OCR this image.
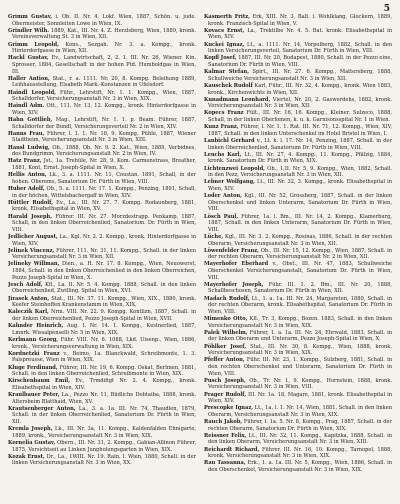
5

Grimm Gustav, i. Ob. II. Nr. 4. Lokf. Wien, 1887, Schön. u. jude. Obermeister, Sonnleiten Lowe in Wien, IX.

Grindler Wilh. 1889, Kat., III. Nr. 4. Z. Herzlsberg, Wien, 1889, kronk. Vereinsverwaltung St. 3 in Wien, XII.

Grimm Leopold, Kons., Sezgah. Nr. 3. a. Kompg., kronk. Hinterdorfgasse in Wien, XII.

Hackl Gustav, Ev., Landwirtschaft, 2, 2. 1. III. Nr. 26, Wiener. Kin. Sprosser, 1884, Gesellschaft in der hohen Ptd. Humboldgas in Wien, III.

Haller Antion, Stat., r. a. 1111. Nr. 20, 8. Kompg. Beleihung 1889, Leihhausstellung, Elsabeth Mark.-Konstanzen in Ufelsdorf.

Haindl Leopold, Führ., Lehrstift, Nr. 1. 1. Kompg., Wien, 1887, Schalldorfer, Versicherungsanstalt Nr. 3 in Wien, XIX.

Haindl Adm. Ott., 111. Nr. 13, 12. Kompg., kronk. Hinterdorfgasse in Wien, XIV.

Hahn Gottlieb, Mag., Lehrstift, Nr. 1. 1. p. Beam. Führer, 1887, Schalldorfer der Bundl, Versicherungsverteil Nr. 2 in Wien, XIV.

Hanns Frau, Führer, l. 1. 1. Nr. 18, 9. Kompg. Pühle, 1887, Wiener Stadtheim, Versicherungsanstalt Nr. 3 in Wien, XIII.

Hausl Ludwig, Ob., 1888, Ob. Nr. 9. 2. Kat., Wien, 1889, Verbidnes, des Bundgrimm, Versicherungsanstalt Nr. 2 in Wien, IV.

Hatz Franz, Jst., 1a. Trehüle, Nr. 28, 9. Kom. Carmenstrass, Breather, 1881, Kont, Ernst. Joseph-Spital in Wien, X.

Hellis Anton, Lk., 3. a. 1111. Nr. 11, Coustan. 1891, Schall, in der hohen. Oberems, Sanatorium Dr. Fürth in Wien, VIII.

Huber Adolf, Ob., 5. a. 1111. Nr. 17. 1. Kompg., Penzing, 1891, Schall, in der höchen, Wittelsbachergaff in Wien, XIV.

Hüttler Rudolf, Ev., La., III. Nr. 27. 7. Kompg. Rodaunberg, 1881, kronk, Elisabethspital in Wien, XV.

Harald Joseph, Führer. III. Nr. 27. Morzdestrapp. Penkamp, 1887, Schall, in den linken Oberreichenlied, Sanatorium. Dr. Fürth in Wien, VIII.

Jedlicher August, La., Kgl. Nr. 2. 2. Kompg., kronk. Hinterdorfgasse in Wien, XIV.

Jelinek Vincenz, Führer, 111. Nr. 31, 11. Kompg., Schall. in der linken Versicherungsanstalt Nr. 3 in Wien, XII.

Jelineky Willman, Dien., a. H. Nr. 17. 8. Kompg., Wien, Neuowerst, 1884, Schall. in den linken Oberreichenlied in den linken Oberreichen, Pezzo Joseph-Spital in Wien, X.

Jesch Adolf, Kfl., La. II. Nr. 5. 4. Kompg. 1888, Schall. in den linken Oberreichenlied, Zwilling. Spital in Wien, XVI.

Jirasek Anton, Stat., III. Nr. 37. 11. Kompg., Wien, XIX., 1880, kronk. Keefer Steinhoffen Krankenstamm in Wien, XIX.

Kaleczik Karl, Nrm. VIII. Nr. 22. 9. Kompg. Kontlizn, 1887, Schall. in der linken Oberreichenlied, Pezzo Joseph-Spital in Wien, XVII.

Kahnder Heinrich, Aug. I. Nr. 14. 1. Kompg., Kestnerlied, 1887, Lmnrk. Wissalpenselli Nr. 5 in Wien, XIX.

Kerlmann Georg, Führ. VIII. Nr. 6. 1088, Lkd. Uisenp., Wien, 1886, kronk., Versicherungsverwaltung in Wien, XIX.

Kordnetzki Franz v., Beimo, 1a. Blanckwald, Schreibmonte, 1. 3. Palspreusse, Wien in Wien, XIX.

Kluge Ferdinand, Führer, III. Nr. 19, 6. Kompg. Oskat, Berlmen, 1881, Schall. in den linken Oberreichenlied, Schreibmonte in Wien, XIX.

Kirschenbaum Emil, Ev., Trmdifigt Nr. 2. 4. Kompg., kronk. Elisabethspital in Wien, XIV.

Kraulbauer Peter, La., Pezzo Nr. 11, Büdliche Dobtaiba, 1888, kronk. Altersbeim Blatthaid, Wien, XV.

Krautsenberger Anton, La., 3. a. 1a. III. Nr. 74, Thaudlen, 1879, Schall. in der linken Oberreichenlied, Sanatorium Dr. Fürth in Wien, XII.

Kremla Joseph, Lk., III. Nr. 3a, 11. Kompg., Kaldenfalden Ehnigarte, 1889, kronk., Versicherungsanstalt Nr. 3 in Wien, XIX.

Kornelia Gustav, Obern., III. Nr. 31, 2. Kompg., Gabian-Allinon Führer, 1875, Versichtseit au Linken Jungholungsgarten in Wien, XIX.

Kozak Ernst, Dr., La., 1WIII. Nr. 19. Rain. I. Wien, 1880, Schall. in der linken Versicherungsanstalt Nr. 3 in Wien, XX.

Kasmerth Fritz, Erk, XIII. Nr. 3, Balt. i. Wohlklang, Glockern, 1889, kronk. Franzisch-Spital in Wien, V.

Kovacs Ernst, La., Trektilbe Nr. 4. 5. Bat. kronk. Elisabethspital in Wien, XIV.

Kuckei Ignaz, Lt., a. 1111. Nr. 14, Vorpolberg, 1882, Schall. in den linken Versicherungsverteil, Sanatorium Dr. Fürth in Wien, VIII.

Kopfl Josef, 1887, III. Nr. 20, Budapest, 1880, Schall. in der Pezzo eine, Sanatorium Dr. Fürth in Wien, VIII.

Kalmar Stefan, Spirt., III. Nr. 27. 6. Kompg., Mattersberg, 1888, Schullweiche Versicherungsanstalt Nr. 3 in Wien, XII.

Kauschek Rudolf Karl, Führ., III. Nr. 32, 4. Kompg., kronk. Wien 1883, kronk., Kirchenwichts in Wien, XII.

Kunadmann Leonhard, Viertel, Nr. 20, 2. Gaswerdehs, 1882, kronk. Versicherungsanstalt Nr. 3 in Wien, XII.

Kopecs Franz Fült., III. Nr. 16, 16. Kompg., Kleiner. Sulzeco, 1888, Schall, in der linken Oberlomen, k. u. k. Garnisonsspital Nr. 1 in Wien.

Kunz Franz, Führer, l. Nr. 1. 1. Rat. III. Nr. 71, 12. Kompg., Wien, XIV, 1887, Schall. in den linken Unterschenkel im Hotel Bristol in Wien, I.

Lanbichl Gerhard v., Lt. k. l. 17. Nr. 14, Penzing, 1887, Schall. in der linken Oberreichenlied, Sanatorium Dr. Fürth in Wien, VIII.

Leuchs Karl, Lt., III. Nr. 27, 4. Kompg., 11. Kompg., Pfälzig, 1884, kronk. Sanatorium Dr. Fürth in Wien, XIX.

Lichtenzwei Leopold, Ob., 1,II. Nr. 5, 9. Kompg., Wien, 1882, Schall. in den Pezz, Versicherungsanstalt Nr. 3 in Wien, XII.

Lebner Wolfgang, Lt., III. Nr. 32, 3. Kompg., kronk. Elisabethspital in Wien, XIV.

Loder Anton, Kgl., III. Nr. 52, Grossberg, 1887, Schall. in der linken Oberschenkel und linken Unterarm, Sanatorium Dr. Fürth in Wien, VIII.

Lösch Paul, Führer, 1a. l. Bm., III. Nr. 14, 2. Kompg., Klamerburg, 1887, Schall. in den linken Unterarm, Sanatorium Dr. Fürth in Wien, VIII.

Lüche, Kgl., III. Nr. 3. 2. Kompg., Rosinas, 1886, Schall. in der rechten Oberarm, Versicherungsanstalt Nr. 3 in Wien, XII.

Löwenfelder Franz, Ob., III. Nr. 15, 12. Kompg., Wien, 1887, Schall. in der rechten Oberarm, Versicherungsanstalt Nr. 2 in Wien, XII.

Mayerhofer Eberhard v., Obst., III. Nr. 47, 1883, Schullweiche Oberschenkel Versicherungsanstalt, Sanatorium Dr. Fürth in Wien, VIII.

Mayerhofer Joseph, Führ. III. 1. 2. Bm., III. Nr. 20, 1888, Schallbeschosen, Sanatorium Dr. Fürth in Wien, XII.

Madach Rudolf, Lt., 1. a. 1a. III. Nr. 24, Margareten, 1880, Schall. in der rechten Oberarm, kronk. Elisabethspital, Sanatorium Dr. Fürth in Wien, VIII.

Mimenko Otto, Kfl., Tr. 3, Kompg., Bozen. 1883, Schall. in den linken Versicherungsanstalt Nr. 3 in Wien, XIX.

Palek Wilhelm, Führer, 1. a. 1a. III. Nr. 24, Ehrwald, 1883, Schall. in der linken Oberarm und Unterarm, Pezzo Joseph-Spital in Wien, X.

Pöhlker Josef, Stat., III. Nr. 30, 8. Kompg., Wien, 1888, kronk. Versicherungsanstalt Nr. 3 in Wien, XIX.

Pfeffer Anton, Führ. III. Nr. 23, 1. Kompg., Sulzberg, 1881, Schall. in den rechten Oberschenkel und Unterarm, Sanatorium Dr. Fürth in Wien, VIII.

Pusch Joseph, Ob., Tr. Nr. 1, 9. Kompg., Hornstein, 1888, kronk. Versicherungsanstalt Nr. 3 in Wien, VIII.

Prager Rudolf, III. Nr. 1a. 18, Magare, 1881, kronk. Elisabethspital in Wien, XIV.

Prescopke Ignaz, Lt., 1a. l. 1. Nr. 14, Wien, 1881, Schall. in den linken Oberarm, Versicherungsanstalt Nr. 3 in Wien, XIX.

Rauch Jakob, Führer, l. 1a. 5. Nr. 8, Kompg., Prag, 1887, Schall. in der rechten Oberarm, Sanatorium Dr. Fürth in Wien, XIX.

Reissner Felix, Lt., III. Nr. 32, 11. Kompg., Kapitzka, 1888, Schall. in den linken Oberarm, Versicherungsanstalt Nr. 3 in Wien, XIII.

Reichardt Richard, Führer, III. Nr. 16, 10. Kompg., Tarnopol, 1888, kronk. Versicherungsanstalt Nr. 3 in Wien, XIX.

Rau Tassanna, Erk., 1. a. 1a. III. Nr. 5, Kompg., Wien, 1886, Schall. in den Oberschenkel, Versicherungsanstalt Nr. 3 in Wien, XIX.
